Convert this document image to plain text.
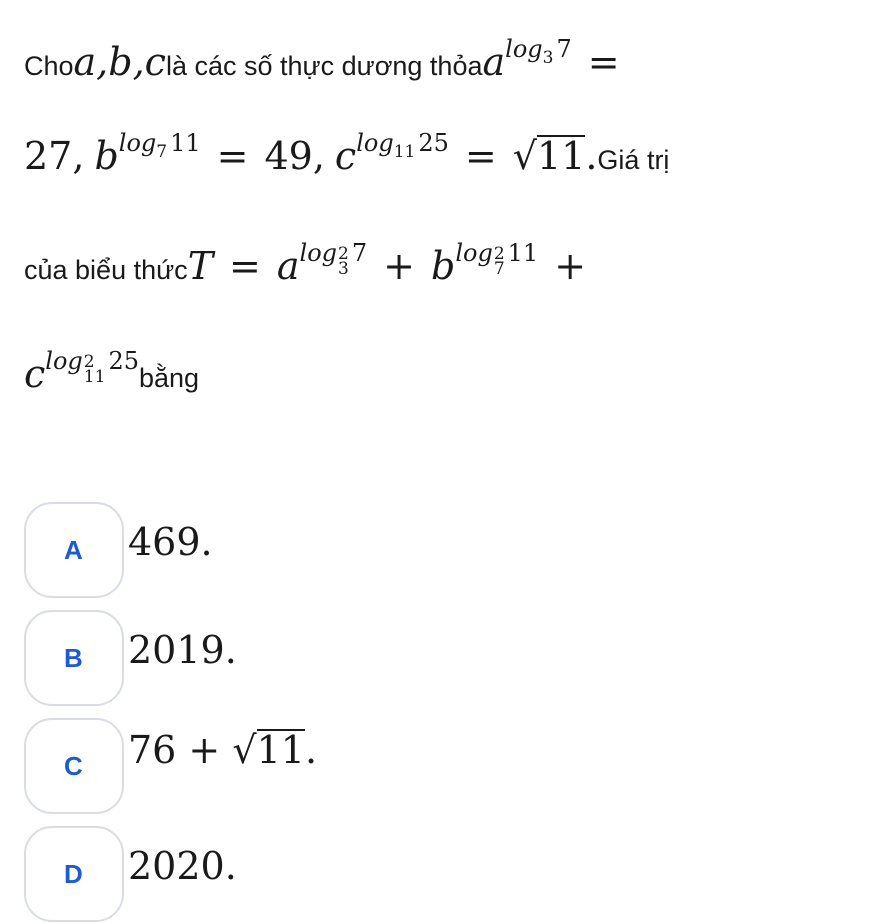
Cho a,b,c là các số thực dương thỏa a log 3 7 =
27, b log 7 11 = 49, c log 11 25 = √ 11 . Giá trị
của biểu thức T = a log 2
3
7 + b log 2
7
11 +
c log 2
11
25
bằng
A 469.
B 2019.
C 76 + √ 11 .
D 2020.
